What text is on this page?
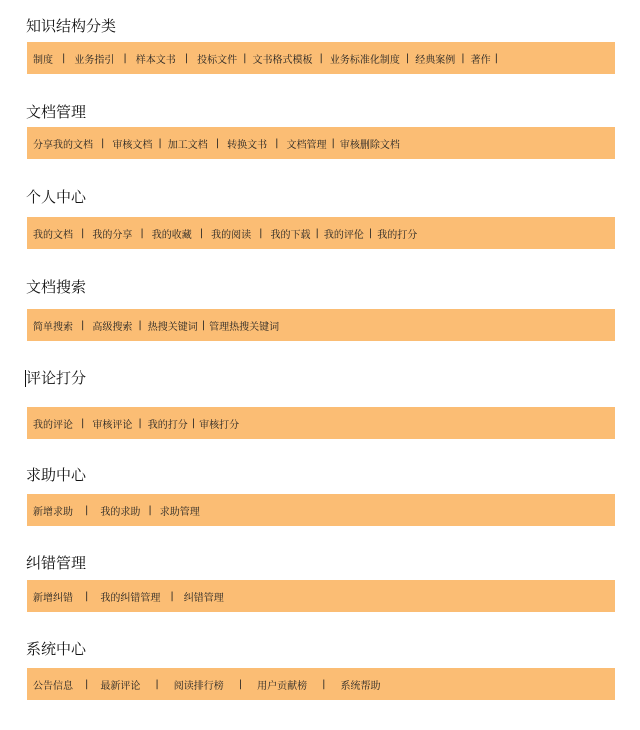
知识结构分类
制度 | 业务指引 | 样本文书 | 投标文件 | 文书格式模板 | 业务标准化制度 | 经典案例 | 著作 |
文档管理
分享我的文档 | 审核文档 | 加工文档 | 转换文书 | 文档管理 | 审核删除文档
个人中心
我的文档 | 我的分享 | 我的收藏 | 我的阅读 | 我的下载 | 我的评伦 | 我的打分
文档搜索
简单搜索 | 高级搜索 | 热搜关键词 | 管理热搜关键词
评论打分
我的评论 | 审核评论 | 我的打分 | 审核打分
求助中心
新增求助 | 我的求助 | 求助管理
纠错管理
新增纠错 | 我的纠错管理 | 纠错管理
系统中心
公告信息 | 最新评论 | 阅读排行榜 | 用户贡献榜 | 系统帮助
